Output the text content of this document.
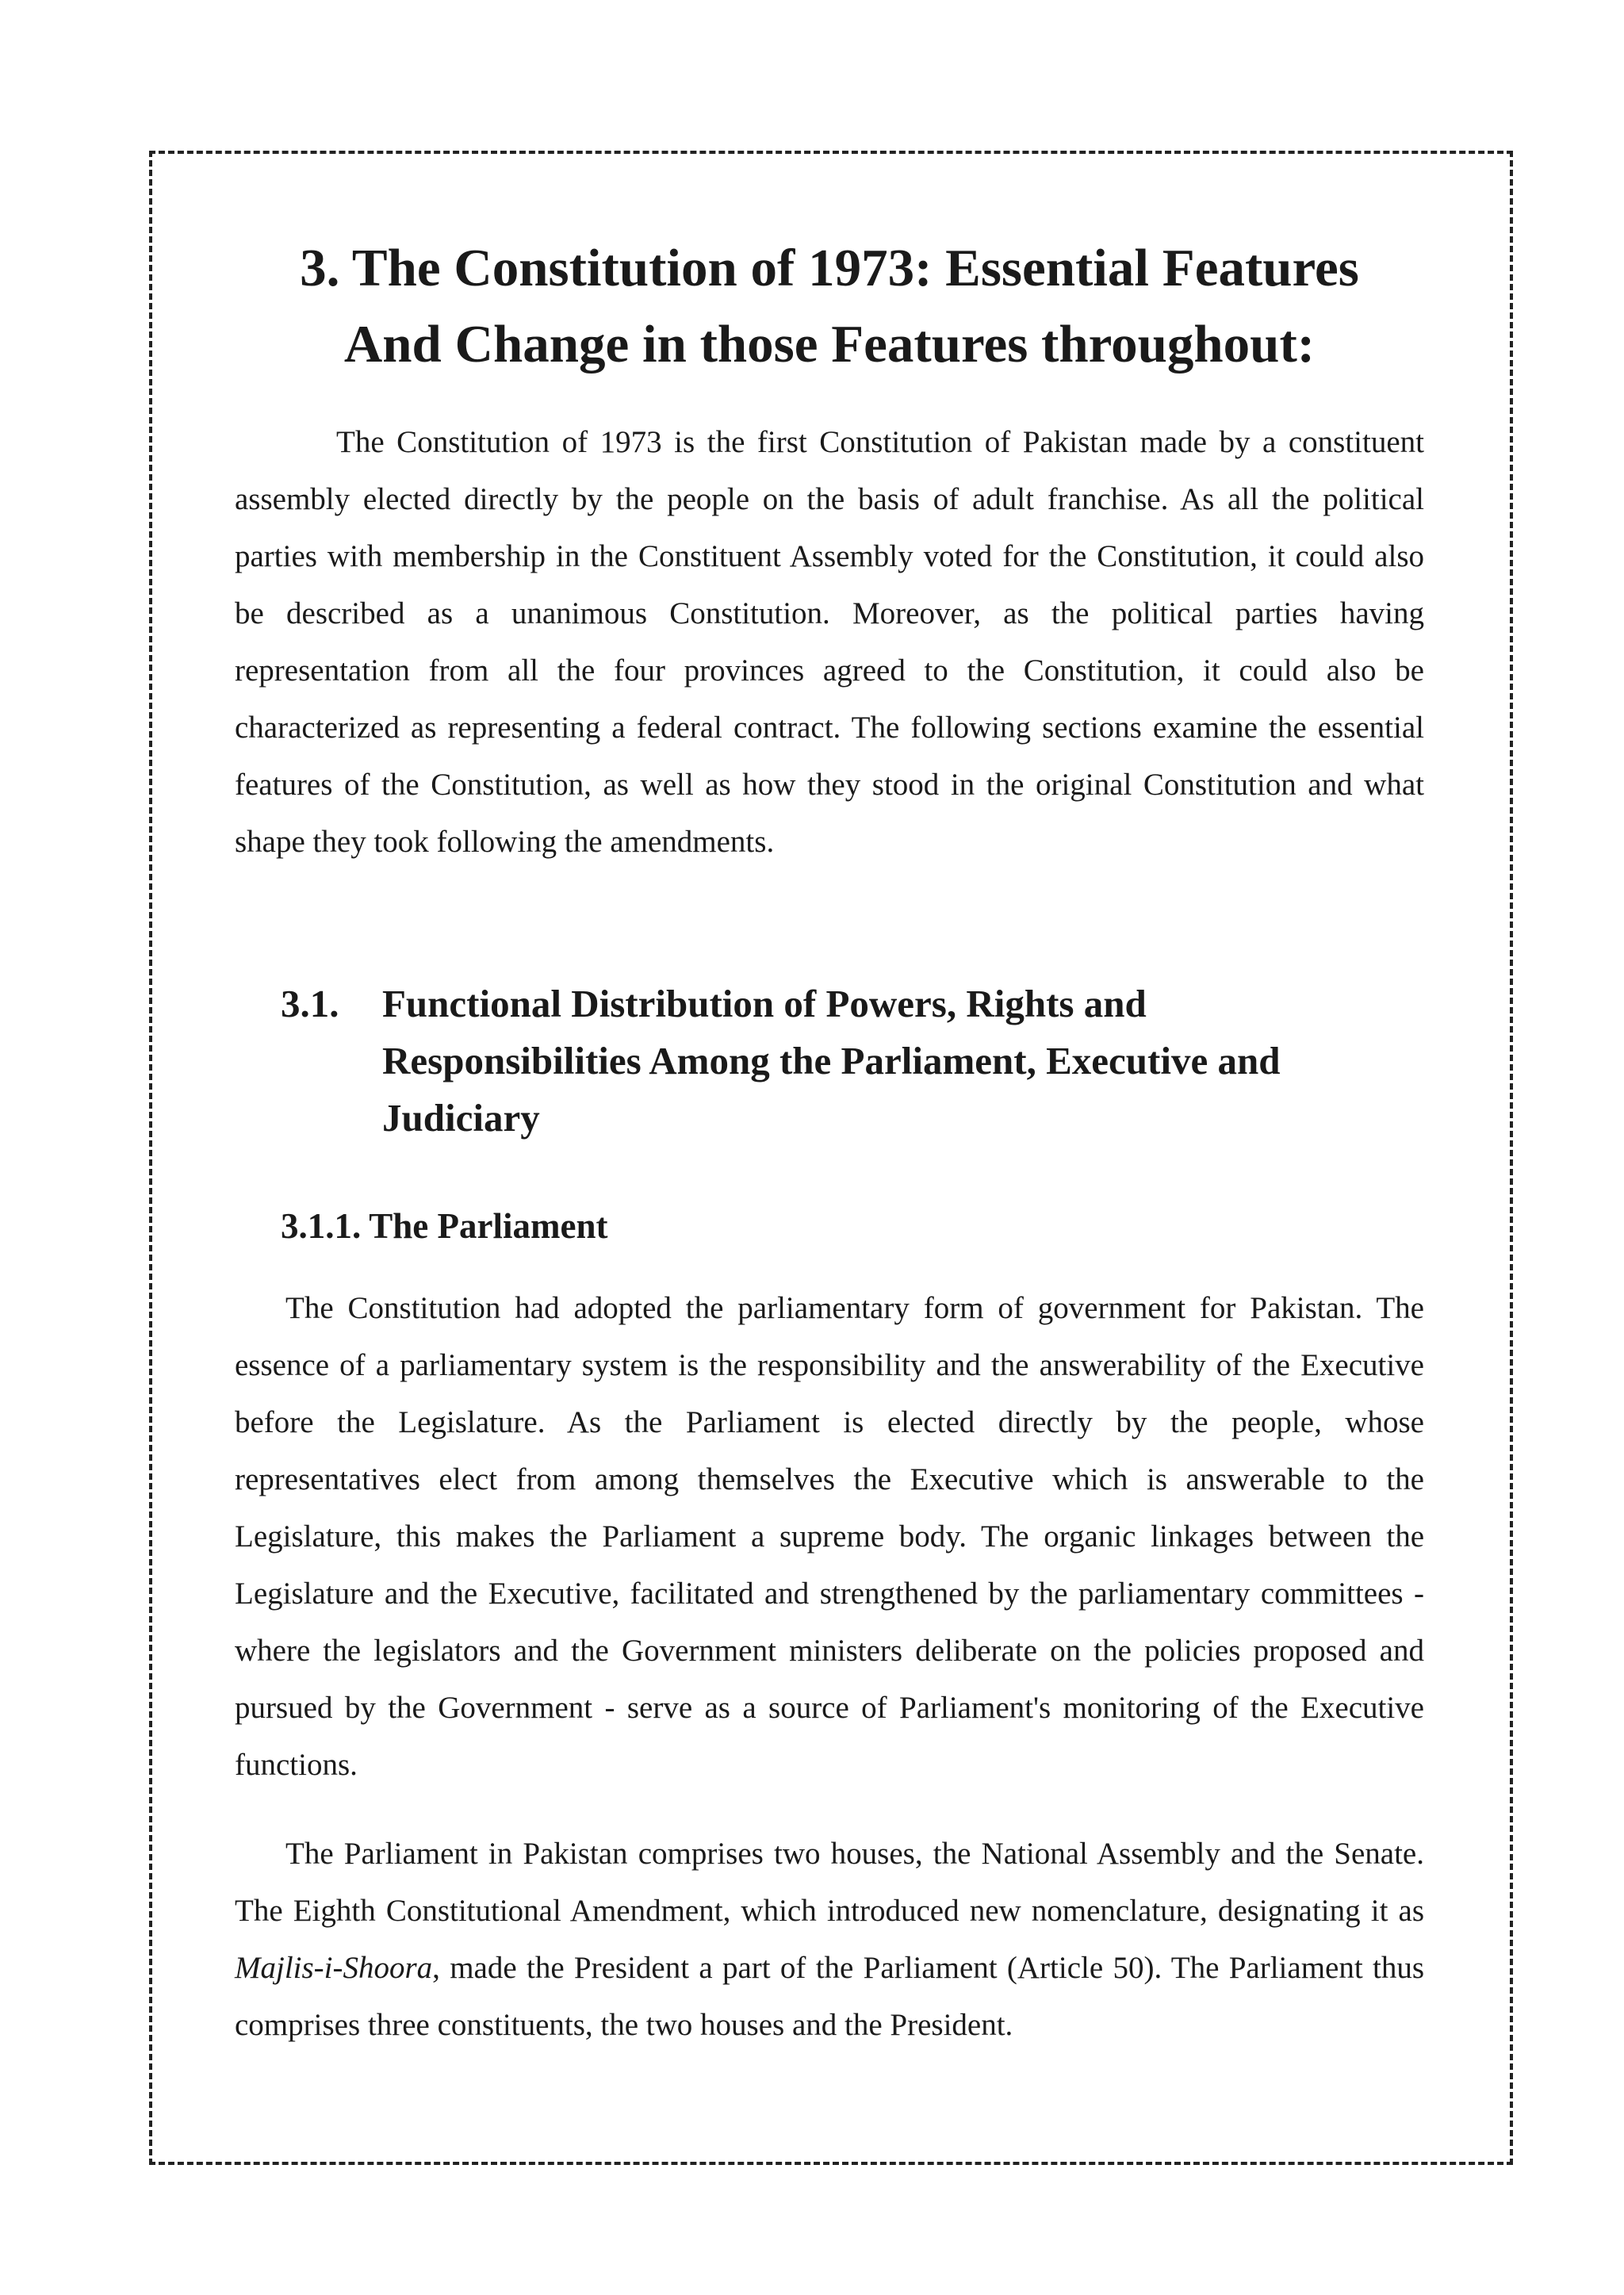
3. The Constitution of 1973: Essential Features
And Change in those Features throughout:

The Constitution of 1973 is the first Constitution of Pakistan made by a constituent assembly elected directly by the people on the basis of adult franchise. As all the political parties with membership in the Constituent Assembly voted for the Constitution, it could also be described as a unanimous Constitution. Moreover, as the political parties having representation from all the four provinces agreed to the Constitution, it could also be characterized as representing a federal contract. The following sections examine the essential features of the Constitution, as well as how they stood in the original Constitution and what shape they took following the amendments.

3.1.	Functional Distribution of Powers, Rights and Responsibilities Among the Parliament, Executive and Judiciary
3.1.1. The Parliament

The Constitution had adopted the parliamentary form of government for Pakistan. The essence of a parliamentary system is the responsibility and the answerability of the Executive before the Legislature. As the Parliament is elected directly by the people, whose representatives elect from among themselves the Executive which is answerable to the Legislature, this makes the Parliament a supreme body. The organic linkages between the Legislature and the Executive, facilitated and strengthened by the parliamentary committees - where the legislators and the Government ministers deliberate on the policies proposed and pursued by the Government - serve as a source of Parliament's monitoring of the Executive functions.

The Parliament in Pakistan comprises two houses, the National Assembly and the Senate. The Eighth Constitutional Amendment, which introduced new nomenclature, designating it as Majlis-i-Shoora, made the President a part of the Parliament (Article 50). The Parliament thus comprises three constituents, the two houses and the President.
